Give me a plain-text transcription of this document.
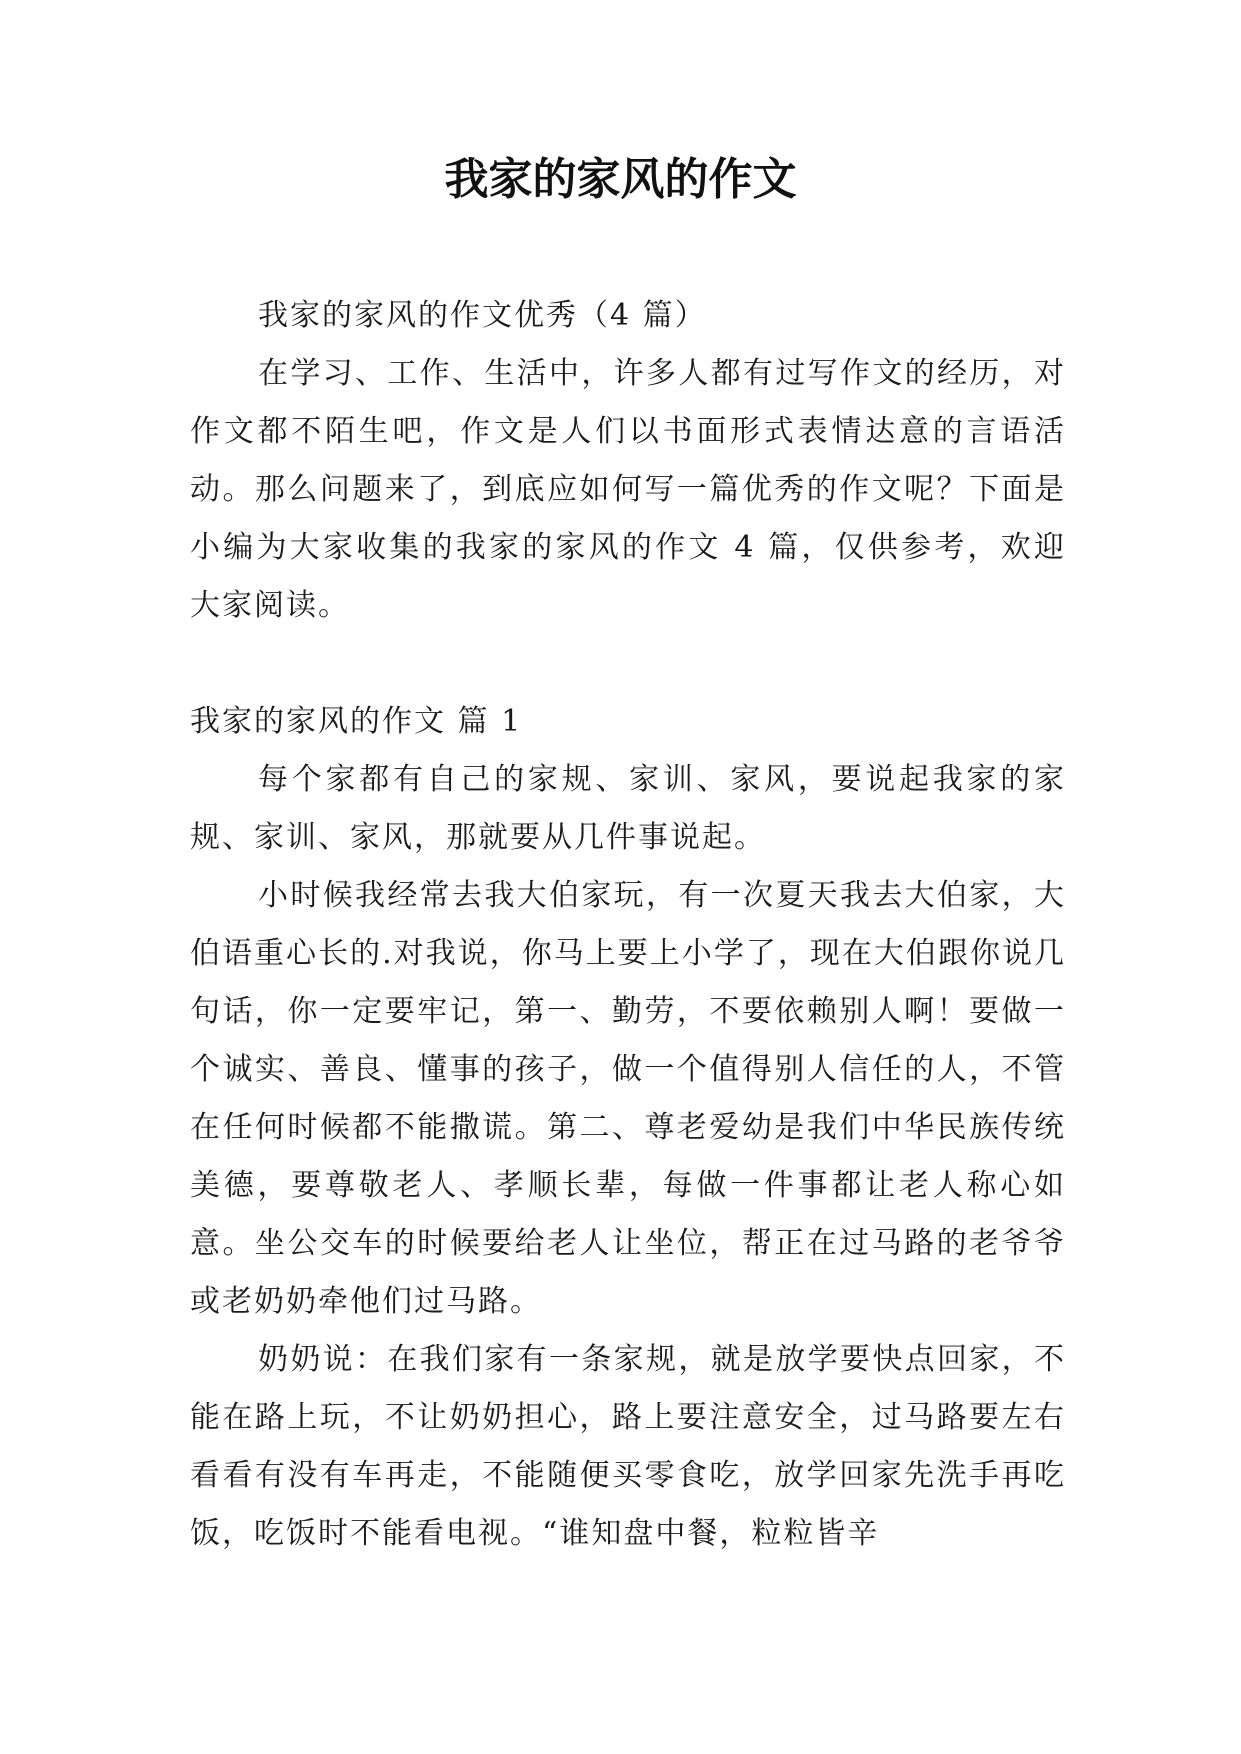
我家的家风的作文

我家的家风的作文优秀（4 篇）

在学习、工作、生活中，许多人都有过写作文的经历，对作文都不陌生吧，作文是人们以书面形式表情达意的言语活动。那么问题来了，到底应如何写一篇优秀的作文呢？下面是小编为大家收集的我家的家风的作文 4 篇，仅供参考，欢迎大家阅读。

我家的家风的作文 篇 1

每个家都有自己的家规、家训、家风，要说起我家的家规、家训、家风，那就要从几件事说起。

小时候我经常去我大伯家玩，有一次夏天我去大伯家，大伯语重心长的.对我说，你马上要上小学了，现在大伯跟你说几句话，你一定要牢记，第一、勤劳，不要依赖别人啊！要做一个诚实、善良、懂事的孩子，做一个值得别人信任的人，不管在任何时候都不能撒谎。第二、尊老爱幼是我们中华民族传统美德，要尊敬老人、孝顺长辈，每做一件事都让老人称心如意。坐公交车的时候要给老人让坐位，帮正在过马路的老爷爷或老奶奶牵他们过马路。

奶奶说：在我们家有一条家规，就是放学要快点回家，不能在路上玩，不让奶奶担心，路上要注意安全，过马路要左右看看有没有车再走，不能随便买零食吃，放学回家先洗手再吃饭，吃饭时不能看电视。“谁知盘中餐，粒粒皆辛
